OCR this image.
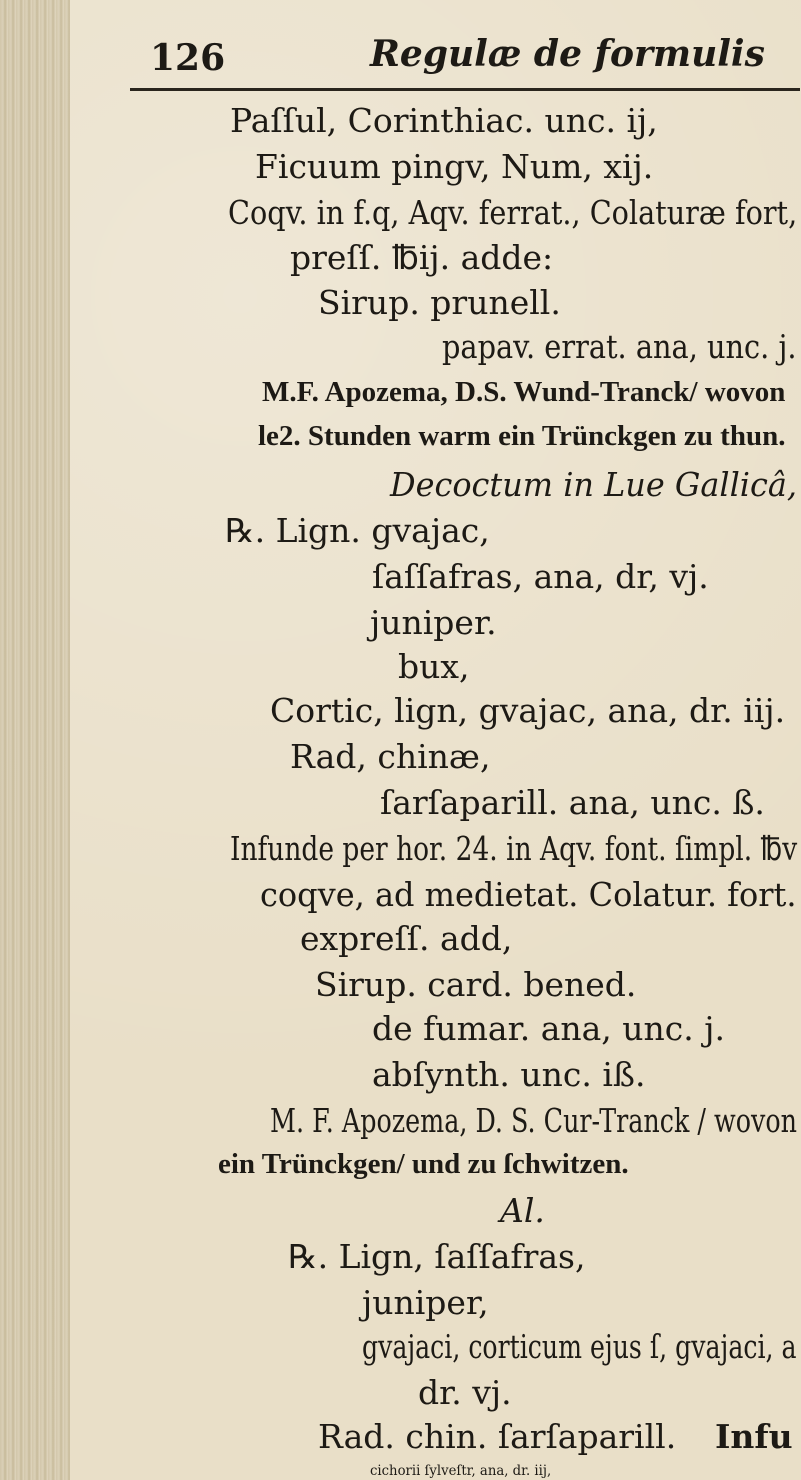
126	Regulæ de formulis
Paſſul, Corinthiac. unc. ij,
Ficuum pingv, Num, xij.
Coqv. in f.q, Aqv. ferrat., Colaturæ fort,
preſſ. ℔ij. adde:
Sirup. prunell.
papav. errat. ana, unc. j.
M.F. Apozema, D.S. Wund-Tranck/ wovon
le2. Stunden warm ein Trünckgen zu thun.
Decoctum in Lue Gallicâ,
℞. Lign. gvajac,
ſaſſafras, ana, dr, vj.
juniper.
bux,
Cortic, lign, gvajac, ana, dr. iij.
Rad, chinæ,
ſarſaparill. ana, unc. ß.
Infunde per hor. 24. in Aqv. font. ſimpl. ℔v
coqve, ad medietat. Colatur. fort.
expreſſ. add,
Sirup. card. bened.
de fumar. ana, unc. j.
abſynth. unc. iß.
M. F. Apozema, D. S. Cur-Tranck / wovon
ein Trünckgen/ und zu ſchwitzen.
Al.
℞. Lign, ſaſſafras,
juniper,
gvajaci, corticum ejus ſ, gvajaci, a
dr. vj.
Rad. chin. ſarſaparill.
cichorii ſylveſtr, ana, dr. iij,
Infu
